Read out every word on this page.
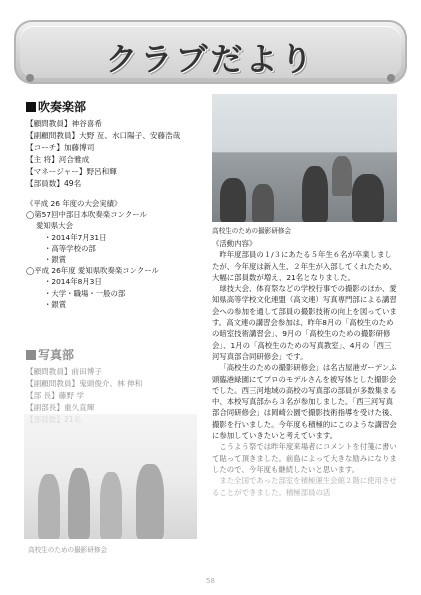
クラブだより
吹奏楽部
【顧問教員】神谷喜希
【副顧問教員】大野 亙、水口陽子、安藤浩哉
【コーチ】加藤博司
【主 将】河合雅成
【マネージャー】野呂和輝
【部員数】49名
《平成 26 年度の大会実績》
◯第57回中部日本吹奏楽コンクール
愛知県大会
・2014年7月31日
・高等学校の部
・銀賞
◯平成 26年度 愛知県吹奏楽コンクール
・2014年8月3日
・大学・職場・一般の部
・銀賞
写真部
【顧問教員】前田博子
【副顧問教員】鬼頭俊介、林 伸和
【部 長】藤野 学
【副部長】重久直輝
高校生のための撮影研修会
高校生のための撮影研修会
《活動内容》

昨年度部員の１/３にあたる５年生６名が卒業しましたが、今年度は新入生、２年生が入部してくれたため、大幅に部員数が増え、21名となりました。

球技大会、体育祭などの学校行事での撮影のほか、愛知県高等学校文化連盟（高文連）写真専門部による講習会への参加を通して部員の撮影技術の向上を図っています。高文連の講習会参加は、昨年8月の「高校生のための暗室技術講習会」、9月の「高校生のための撮影研修会」、1月の「高校生のための写真教室」、4月の「西三河写真部合同研修会」です。

「高校生のための撮影研修会」は名古屋港ガーデンふ頭臨港緑園にてプロのモデルさんを被写体とした撮影会でした。西三河地域の高校の写真部の部員が多数集まる中、本校写真部から３名が参加しました。「西三河写真部合同研修会」は岡崎公園で撮影技術指導を受けた後、撮影を行いました。今年度も積極的にこのような講習会に参加していきたいと考えています。

こうよう祭では昨年度来場者にコメントを付箋に書いて貼って頂きました。前島によって大きな励みになりましたので、今年度も継続したいと思います。

また全国であった部室を積極運生会館２階に使用させることができました。積極部員の活

58
